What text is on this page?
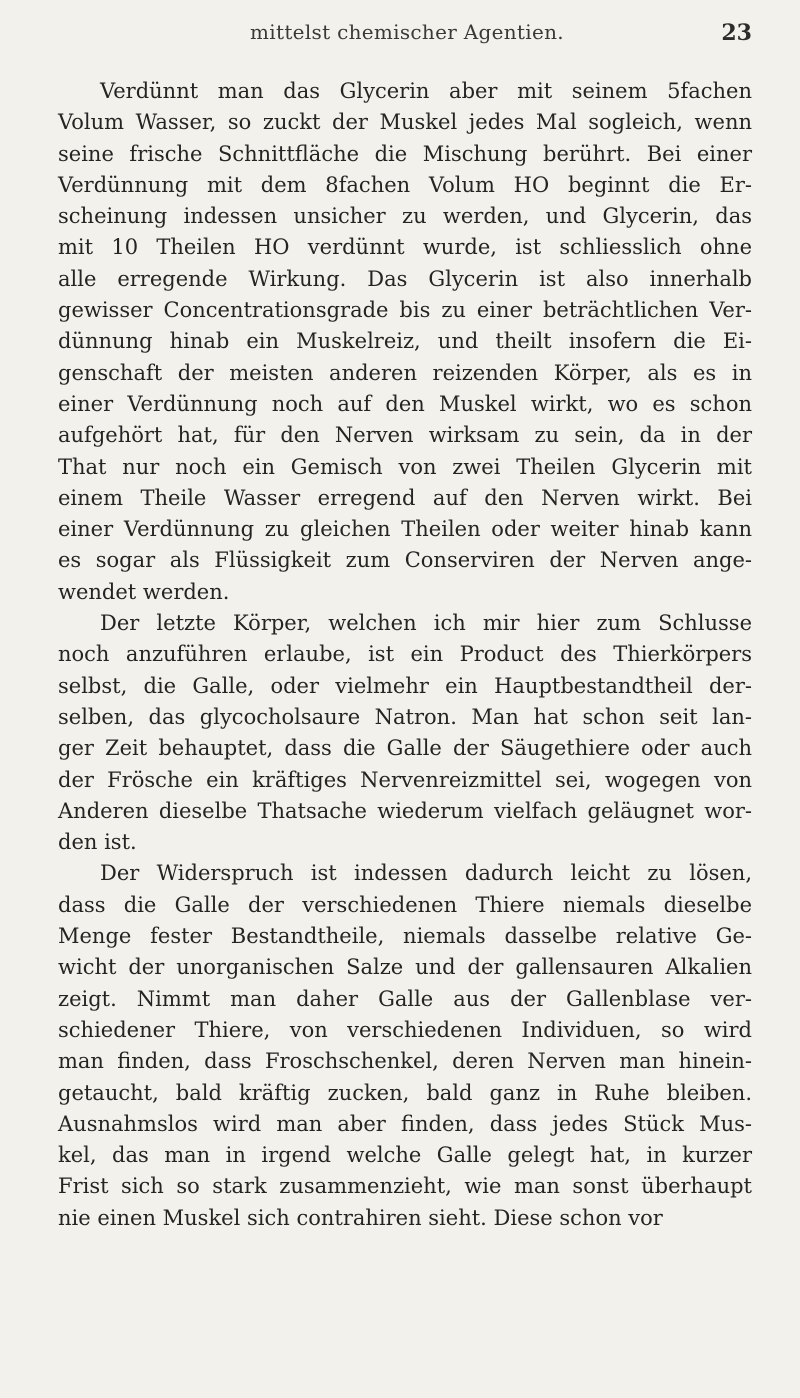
mittelst chemischer Agentien.	23
Verdünnt man das Glycerin aber mit seinem 5fachen
Volum Wasser, so zuckt der Muskel jedes Mal sogleich, wenn
seine frische Schnittfläche die Mischung berührt. Bei einer
Verdünnung mit dem 8fachen Volum HO beginnt die Er-
scheinung indessen unsicher zu werden, und Glycerin, das
mit 10 Theilen HO verdünnt wurde, ist schliesslich ohne
alle erregende Wirkung. Das Glycerin ist also innerhalb
gewisser Concentrationsgrade bis zu einer beträchtlichen Ver-
dünnung hinab ein Muskelreiz, und theilt insofern die Ei-
genschaft der meisten anderen reizenden Körper, als es in
einer Verdünnung noch auf den Muskel wirkt, wo es schon
aufgehört hat, für den Nerven wirksam zu sein, da in der
That nur noch ein Gemisch von zwei Theilen Glycerin mit
einem Theile Wasser erregend auf den Nerven wirkt. Bei
einer Verdünnung zu gleichen Theilen oder weiter hinab kann
es sogar als Flüssigkeit zum Conserviren der Nerven ange-
wendet werden.
Der letzte Körper, welchen ich mir hier zum Schlusse
noch anzuführen erlaube, ist ein Product des Thierkörpers
selbst, die Galle, oder vielmehr ein Hauptbestandtheil der-
selben, das glycocholsaure Natron. Man hat schon seit lan-
ger Zeit behauptet, dass die Galle der Säugethiere oder auch
der Frösche ein kräftiges Nervenreizmittel sei, wogegen von
Anderen dieselbe Thatsache wiederum vielfach geläugnet wor-
den ist.
Der Widerspruch ist indessen dadurch leicht zu lösen,
dass die Galle der verschiedenen Thiere niemals dieselbe
Menge fester Bestandtheile, niemals dasselbe relative Ge-
wicht der unorganischen Salze und der gallensauren Alkalien
zeigt. Nimmt man daher Galle aus der Gallenblase ver-
schiedener Thiere, von verschiedenen Individuen, so wird
man finden, dass Froschschenkel, deren Nerven man hinein-
getaucht, bald kräftig zucken, bald ganz in Ruhe bleiben.
Ausnahmslos wird man aber finden, dass jedes Stück Mus-
kel, das man in irgend welche Galle gelegt hat, in kurzer
Frist sich so stark zusammenzieht, wie man sonst überhaupt
nie einen Muskel sich contrahiren sieht. Diese schon vor
